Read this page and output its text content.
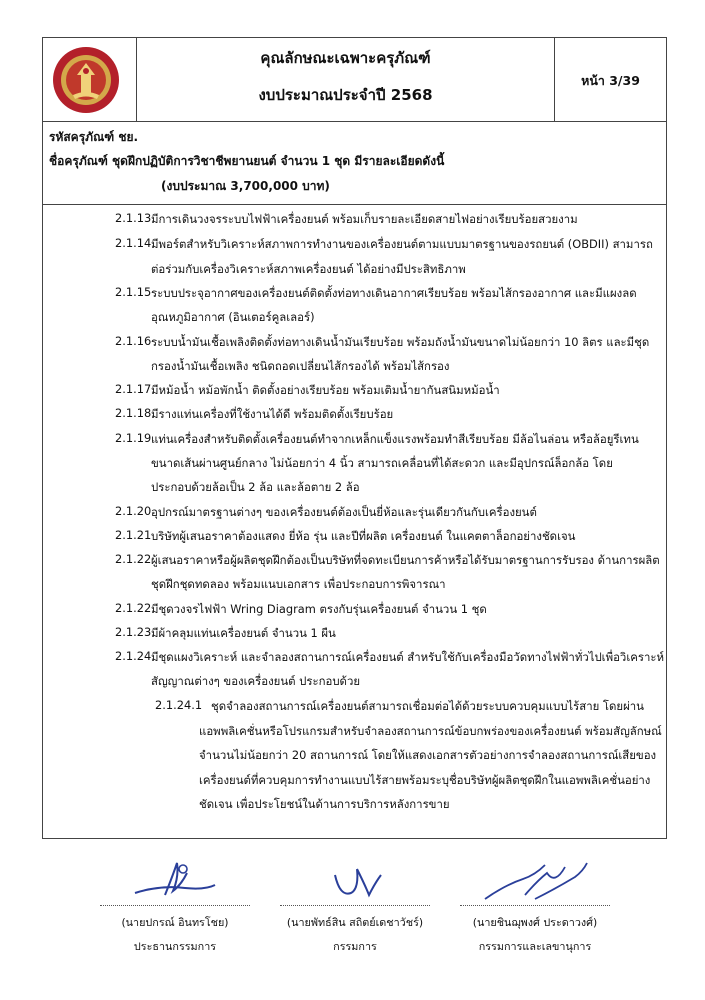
คุณลักษณะเฉพาะครุภัณฑ์
งบประมาณประจำปี 2568
หน้า 3/39
รหัสครุภัณฑ์ ชย.
ชื่อครุภัณฑ์ ชุดฝึกปฏิบัติการวิชาชีพยานยนต์ จำนวน 1 ชุด มีรายละเอียดดังนี้
(งบประมาณ 3,700,000 บาท)
2.1.13 มีการเดินวงจรระบบไฟฟ้าเครื่องยนต์ พร้อมเก็บรายละเอียดสายไฟอย่างเรียบร้อยสวยงาม
2.1.14 มีพอร์ตสำหรับวิเคราะห์สภาพการทำงานของเครื่องยนต์ตามแบบมาตรฐานของรถยนต์ (OBDII) สามารถ
ต่อร่วมกับเครื่องวิเคราะห์สภาพเครื่องยนต์ ได้อย่างมีประสิทธิภาพ
2.1.15 ระบบประจุอากาศของเครื่องยนต์ติดตั้งท่อทางเดินอากาศเรียบร้อย พร้อมไส้กรองอากาศ และมีแผงลด
อุณหภูมิอากาศ (อินเตอร์คูลเลอร์)
2.1.16 ระบบน้ำมันเชื้อเพลิงติดตั้งท่อทางเดินน้ำมันเรียบร้อย พร้อมถังน้ำมันขนาดไม่น้อยกว่า 10 ลิตร และมีชุด
กรองน้ำมันเชื้อเพลิง ชนิดถอดเปลี่ยนไส้กรองได้ พร้อมไส้กรอง
2.1.17 มีหม้อน้ำ หม้อพักน้ำ ติดตั้งอย่างเรียบร้อย พร้อมเติมน้ำยากันสนิมหม้อน้ำ
2.1.18 มีรางแท่นเครื่องที่ใช้งานได้ดี พร้อมติดตั้งเรียบร้อย
2.1.19 แท่นเครื่องสำหรับติดตั้งเครื่องยนต์ทำจากเหล็กแข็งแรงพร้อมทำสีเรียบร้อย มีล้อไนล่อน หรือล้อยูรีเทน
ขนาดเส้นผ่านศูนย์กลาง ไม่น้อยกว่า 4 นิ้ว สามารถเคลื่อนที่ได้สะดวก และมีอุปกรณ์ล็อกล้อ โดย
ประกอบด้วยล้อเป็น 2 ล้อ และล้อตาย 2 ล้อ
2.1.20 อุปกรณ์มาตรฐานต่างๆ ของเครื่องยนต์ต้องเป็นยี่ห้อและรุ่นเดียวกันกับเครื่องยนต์
2.1.21 บริษัทผู้เสนอราคาต้องแสดง ยี่ห้อ รุ่น และปีที่ผลิต เครื่องยนต์ ในแคตตาล็อกอย่างชัดเจน
2.1.22 ผู้เสนอราคาหรือผู้ผลิตชุดฝึกต้องเป็นบริษัทที่จดทะเบียนการค้าหรือได้รับมาตรฐานการรับรอง ด้านการผลิต
ชุดฝึกชุดทดลอง พร้อมแนบเอกสาร เพื่อประกอบการพิจารณา
2.1.22 มีชุดวงจรไฟฟ้า Wring Diagram ตรงกับรุ่นเครื่องยนต์ จำนวน 1 ชุด
2.1.23 มีผ้าคลุมแท่นเครื่องยนต์ จำนวน 1 ผืน
2.1.24 มีชุดแผงวิเคราะห์ และจำลองสถานการณ์เครื่องยนต์ สำหรับใช้กับเครื่องมือวัดทางไฟฟ้าทั่วไปเพื่อวิเคราะห์
สัญญาณต่างๆ ของเครื่องยนต์ ประกอบด้วย
2.1.24.1 ชุดจำลองสถานการณ์เครื่องยนต์สามารถเชื่อมต่อได้ด้วยระบบควบคุมแบบไร้สาย โดยผ่าน
แอพพลิเคชั่นหรือโปรแกรมสำหรับจำลองสถานการณ์ข้อบกพร่องของเครื่องยนต์ พร้อมสัญลักษณ์
จำนวนไม่น้อยกว่า 20 สถานการณ์ โดยให้แสดงเอกสารตัวอย่างการจำลองสถานการณ์เสียของ
เครื่องยนต์ที่ควบคุมการทำงานแบบไร้สายพร้อมระบุชื่อบริษัทผู้ผลิตชุดฝึกในแอพพลิเคชั่นอย่าง
ชัดเจน เพื่อประโยชน์ในด้านการบริการหลังการขาย
(นายปกรณ์ อินทรโชย)
ประธานกรรมการ
(นายพัทธ์สิน สถิตย์เดชาวัชร์)
กรรมการ
(นายชินฌุพงศ์ ประดาวงศ์)
กรรมการและเลขานุการ
